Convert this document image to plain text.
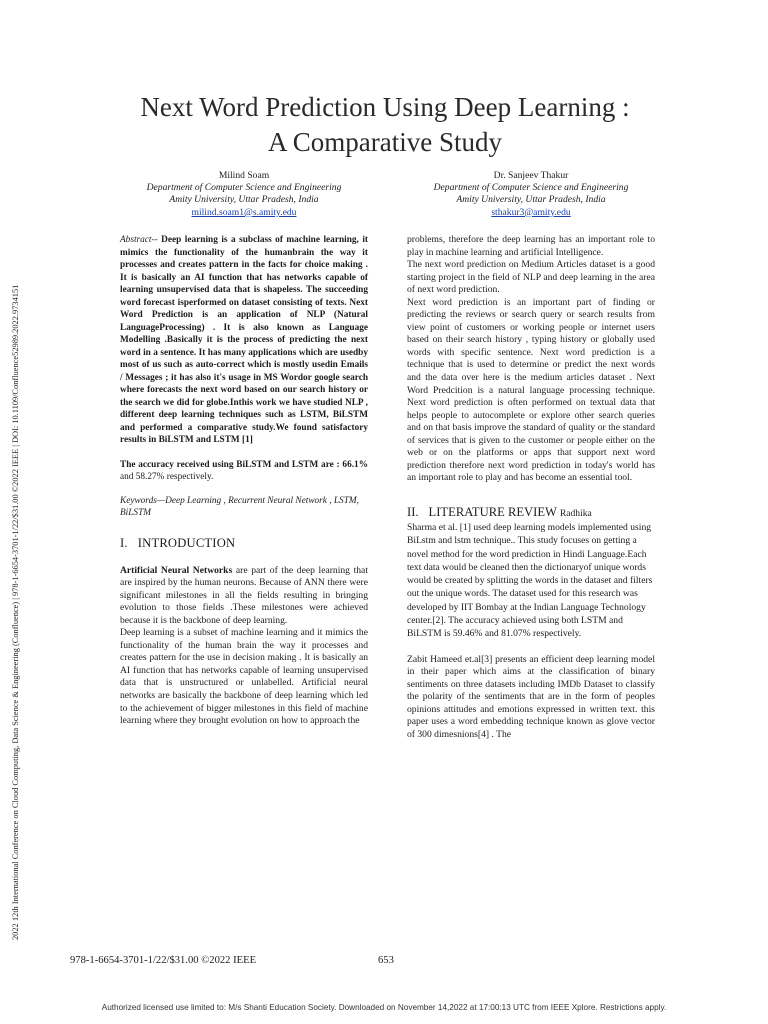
2022 12th International Conference on Cloud Computing, Data Science & Engineering (Confluence) | 978-1-6654-3701-1/22/$31.00 ©2022 IEEE | DOI: 10.1109/Confluence52989.2022.9734151
Next Word Prediction Using Deep Learning :
A Comparative Study
Milind Soam
Department of Computer Science and Engineering
Amity University, Uttar Pradesh, India
milind.soam1@s.amity.edu
Dr. Sanjeev Thakur
Department of Computer Science and Engineering
Amity University, Uttar Pradesh, India
sthakur3@amity.edu

Abstract-- Deep learning is a subclass of machine learning, it mimics the functionality of the humanbrain the way it processes and creates pattern in the facts for choice making . It is basically an AI function that has networks capable of learning unsupervised data that is shapeless. The succeeding word forecast isperformed on dataset consisting of texts. Next Word Prediction is an application of NLP (Natural LanguageProcessing) . It is also known as Language Modelling .Basically it is the process of predicting the next word in a sentence. It has many applications which are usedby most of us such as auto-correct which is mostly usedin Emails / Messages ; it has also it's usage in MS Wordor google search where forecasts the next word based on our search history or the search we did for globe.Inthis work we have studied NLP , different deep learning techniques such as LSTM, BiLSTM and performed a comparative study.We found satisfactory results in BiLSTM and LSTM [1]

The accuracy received using BiLSTM and LSTM are : 66.1% and 58.27% respectively.

Keywords—Deep Learning , Recurrent Neural Network , LSTM, BiLSTM

I. INTRODUCTION

Artificial Neural Networks are part of the deep learning that are inspired by the human neurons. Because of ANN there were significant milestones in all the fields resulting in bringing evolution to those fields .These milestones were achieved because it is the backbone of deep learning.

Deep learning is a subset of machine learning and it mimics the functionality of the human brain the way it processes and creates pattern for the use in decision making . It is basically an AI function that has networks capable of learning unsupervised data that is unstructured or unlabelled. Artificial neural networks are basically the backbone of deep learning which led to the achievement of bigger milestones in this field of machine learning where they brought evolution on how to approach the

problems, therefore the deep learning has an important role to play in machine learning and artificial Intelligence.

The next word prediction on Medium Articles dataset is a good starting project in the field of NLP and deep learning in the area of next word prediction.

Next word prediction is an important part of finding or predicting the reviews or search query or search results from view point of customers or working people or internet users based on their search history , typing history or globally used words with specific sentence. Next word prediction is a technique that is used to determine or predict the next words and the data over here is the medium articles dataset . Next Word Predcition is a natural language processing technique. Next word prediction is often performed on textual data that helps people to autocomplete or explore other search queries and on that basis improve the standard of quality or the standard of services that is given to the customer or people either on the web or on the platforms or apps that support next word prediction therefore next word prediction in today's world has an important role to play and has become an essential tool.

II. LITERATURE REVIEW Radhika

Sharma et al. [1] used deep learning models implemented using BiLstm and lstm technique.. This study focuses on getting a novel method for the word prediction in Hindi Language.Each text data would be cleaned then the dictionaryof unique words would be created by splitting the words in the dataset and filters out the unique words. The dataset used for this research was developed by IIT Bombay at the Indian Language Technology center.[2]. The accuracy achieved using both LSTM and BiLSTM is 59.46% and 81.07% respectively.

Zabit Hameed et.al[3] presents an efficient deep learning model in their paper which aims at the classification of binary sentiments on three datasets including IMDb Dataset to classify the polarity of the sentiments that are in the form of peoples opinions attitudes and emotions expressed in written text. this paper uses a word embedding technique known as glove vector of 300 dimesnions[4] . The

978-1-6654-3701-1/22/$31.00 ©2022 IEEE	653
Authorized licensed use limited to: M/s Shanti Education Society. Downloaded on November 14,2022 at 17:00:13 UTC from IEEE Xplore. Restrictions apply.
